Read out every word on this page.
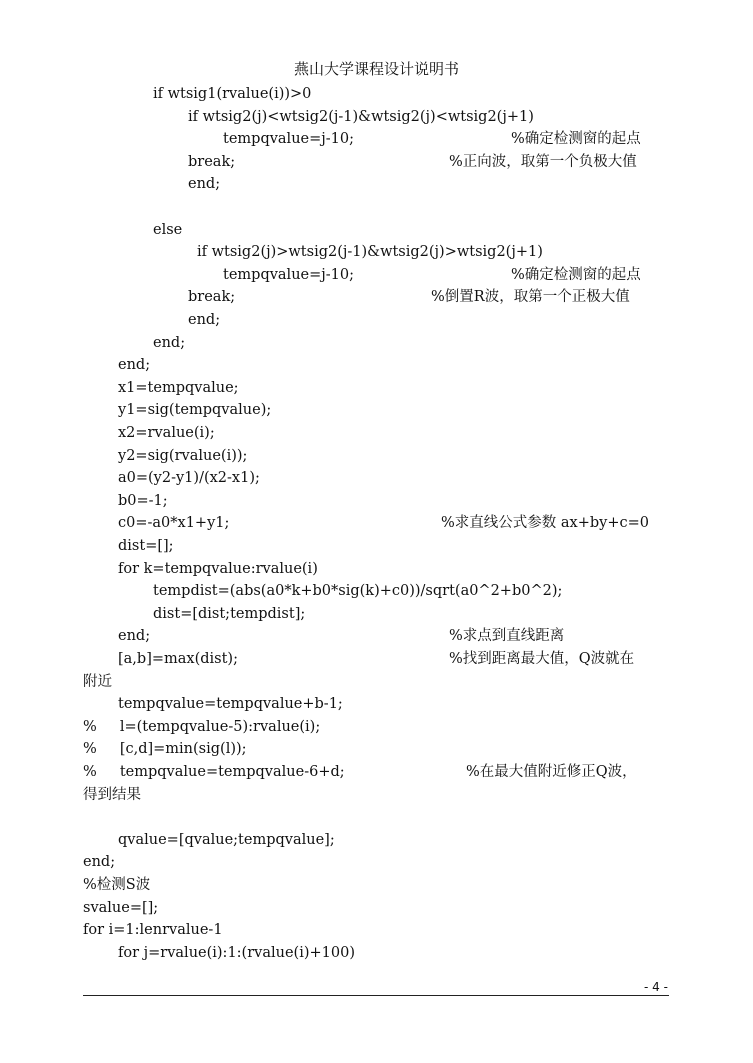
燕山大学课程设计说明书
if wtsig1(rvalue(i))>0
if wtsig2(j)<wtsig2(j-1)&wtsig2(j)<wtsig2(j+1)
tempqvalue=j-10;	%确定检测窗的起点
break;	%正向波，取第一个负极大值
end;
else
if wtsig2(j)>wtsig2(j-1)&wtsig2(j)>wtsig2(j+1)
tempqvalue=j-10;	%确定检测窗的起点
break;	%倒置R波，取第一个正极大值
end;
end;
end;
x1=tempqvalue;
y1=sig(tempqvalue);
x2=rvalue(i);
y2=sig(rvalue(i));
a0=(y2-y1)/(x2-x1);
b0=-1;
c0=-a0*x1+y1;	%求直线公式参数 ax+by+c=0
dist=[];
for k=tempqvalue:rvalue(i)
tempdist=(abs(a0*k+b0*sig(k)+c0))/sqrt(a0^2+b0^2);
dist=[dist;tempdist];
end;	%求点到直线距离
[a,b]=max(dist);	%找到距离最大值，Q波就在
附近
tempqvalue=tempqvalue+b-1;
%     l=(tempqvalue-5):rvalue(i);
%     [c,d]=min(sig(l));
%     tempqvalue=tempqvalue-6+d;	%在最大值附近修正Q波，
得到结果
qvalue=[qvalue;tempqvalue];
end;
%检测S波
svalue=[];
for i=1:lenrvalue-1
for j=rvalue(i):1:(rvalue(i)+100)
- 4 -
